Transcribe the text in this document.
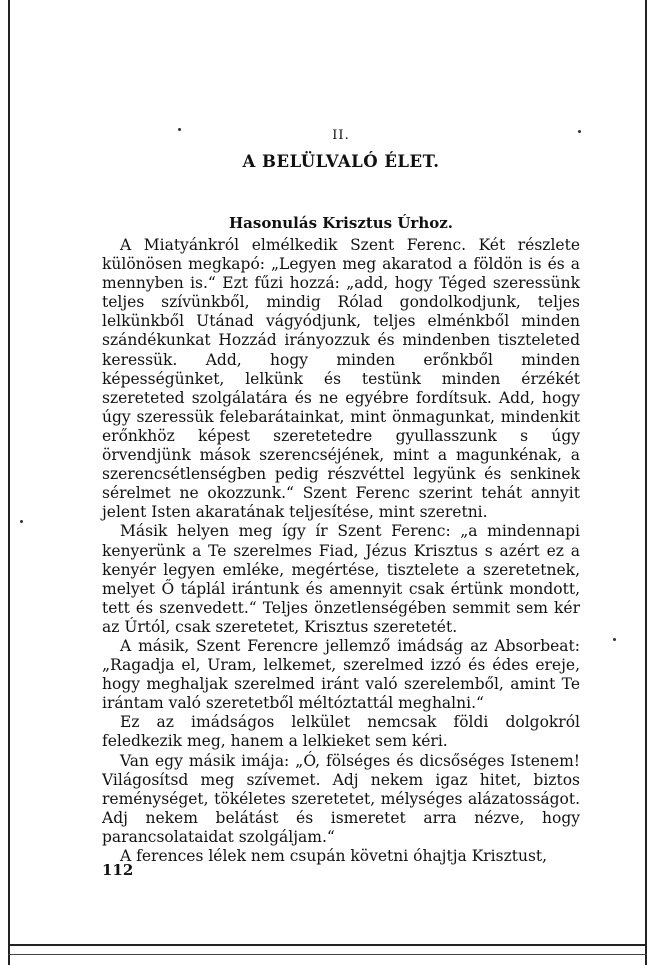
II.
A BELÜLVALÓ ÉLET.
Hasonulás Krisztus Úrhoz.

A Miatyánkról elmélkedik Szent Ferenc. Két részlete különösen megkapó: „Legyen meg akaratod a földön is és a mennyben is.“ Ezt fűzi hozzá: „add, hogy Téged szeressünk teljes szívünkből, mindig Rólad gondolkodjunk, teljes lelkünkből Utánad vágyódjunk, teljes elménkből minden szándékunkat Hozzád irányozzuk és mindenben tiszteleted keressük. Add, hogy minden erőnkből minden képességünket, lelkünk és testünk minden érzékét szereteted szolgálatára és ne egyébre fordítsuk. Add, hogy úgy szeressük felebarátainkat, mint önmagunkat, mindenkit erőnkhöz képest szeretetedre gyullasszunk s úgy örvendjünk mások szerencséjének, mint a magunkénak, a szerencsétlenségben pedig részvéttel legyünk és senkinek sérelmet ne okozzunk.“ Szent Ferenc szerint tehát annyit jelent Isten akaratának teljesítése, mint szeretni.

Másik helyen meg így ír Szent Ferenc: „a mindennapi kenyerünk a Te szerelmes Fiad, Jézus Krisztus s azért ez a kenyér legyen emléke, megértése, tisztelete a szeretetnek, melyet Ő táplál irántunk és amennyit csak értünk mondott, tett és szenvedett.“ Teljes önzetlenségében semmit sem kér az Úrtól, csak szeretetet, Krisztus szeretetét.

A másik, Szent Ferencre jellemző imádság az Absorbeat: „Ragadja el, Uram, lelkemet, szerelmed izzó és édes ereje, hogy meghaljak szerelmed iránt való szerelemből, amint Te irántam való szeretetből méltóztattál meghalni.“

Ez az imádságos lelkület nemcsak földi dolgokról feledkezik meg, hanem a lelkieket sem kéri.

Van egy másik imája: „Ó, fölséges és dicsőséges Istenem! Világosítsd meg szívemet. Adj nekem igaz hitet, biztos reménységet, tökéletes szeretetet, mélységes alázatosságot. Adj nekem belátást és ismeretet arra nézve, hogy parancsolataidat szolgáljam.“

A ferences lélek nem csupán követni óhajtja Krisztust,

112
